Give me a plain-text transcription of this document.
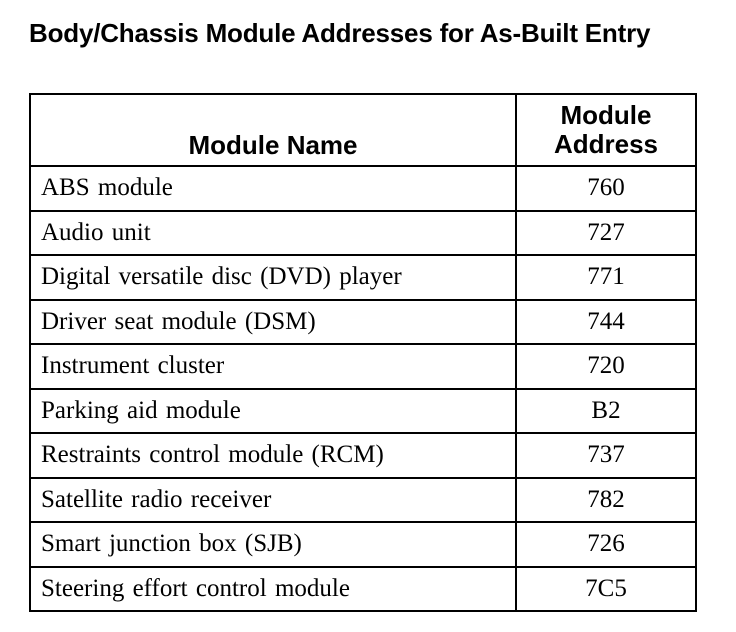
Body/Chassis Module Addresses for As-Built Entry
Module Name	Module
Address
ABS module	760
Audio unit	727
Digital versatile disc (DVD) player	771
Driver seat module (DSM)	744
Instrument cluster	720
Parking aid module	B2
Restraints control module (RCM)	737
Satellite radio receiver	782
Smart junction box (SJB)	726
Steering effort control module	7C5
